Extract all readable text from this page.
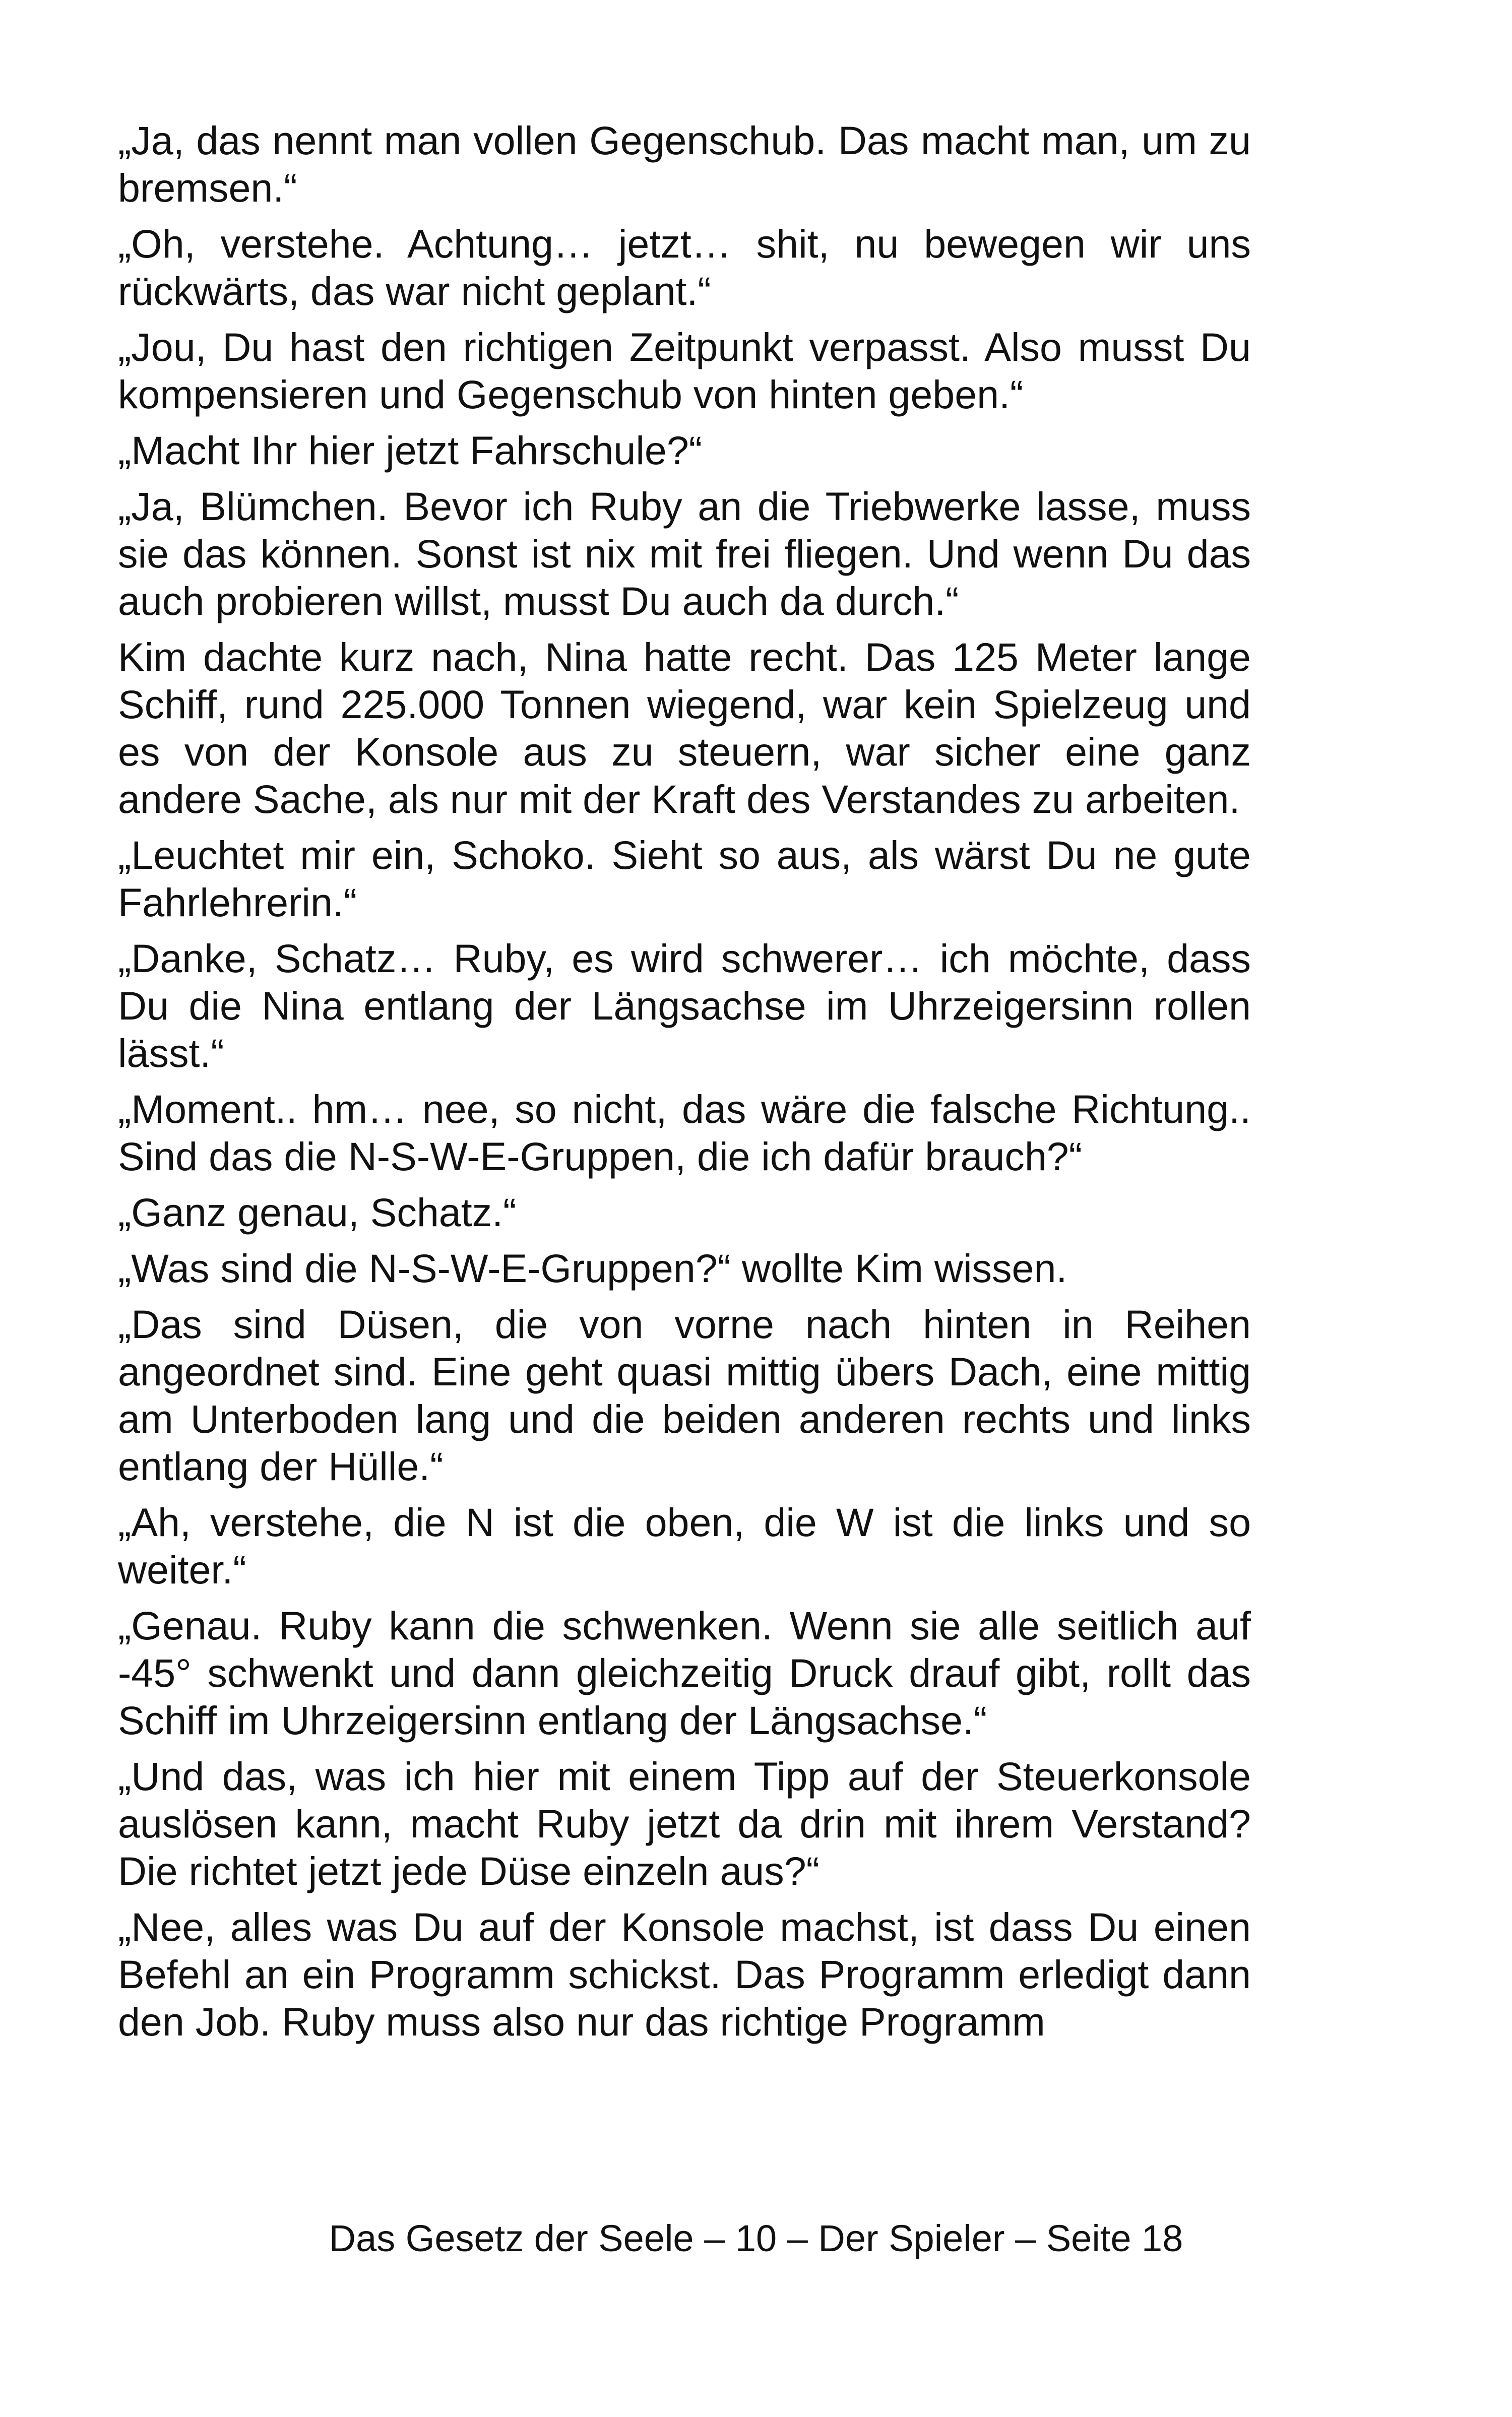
„Ja, das nennt man vollen Gegenschub. Das macht man, um zu bremsen.“

„Oh, verstehe. Achtung… jetzt… shit, nu bewegen wir uns rückwärts, das war nicht geplant.“

„Jou, Du hast den richtigen Zeitpunkt verpasst. Also musst Du kompensieren und Gegenschub von hinten geben.“

„Macht Ihr hier jetzt Fahrschule?“

„Ja, Blümchen. Bevor ich Ruby an die Triebwerke lasse, muss sie das können. Sonst ist nix mit frei fliegen. Und wenn Du das auch probieren willst, musst Du auch da durch.“

Kim dachte kurz nach, Nina hatte recht. Das 125 Meter lange Schiff, rund 225.000 Tonnen wiegend, war kein Spielzeug und es von der Konsole aus zu steuern, war sicher eine ganz andere Sache, als nur mit der Kraft des Verstandes zu arbeiten.

„Leuchtet mir ein, Schoko. Sieht so aus, als wärst Du ne gute Fahrlehrerin.“

„Danke, Schatz… Ruby, es wird schwerer… ich möchte, dass Du die Nina entlang der Längsachse im Uhrzeigersinn rollen lässt.“

„Moment.. hm… nee, so nicht, das wäre die falsche Richtung.. Sind das die N-S-W-E-Gruppen, die ich dafür brauch?“

„Ganz genau, Schatz.“

„Was sind die N-S-W-E-Gruppen?“ wollte Kim wissen.

„Das sind Düsen, die von vorne nach hinten in Reihen angeordnet sind. Eine geht quasi mittig übers Dach, eine mittig am Unterboden lang und die beiden anderen rechts und links entlang der Hülle.“

„Ah, verstehe, die N ist die oben, die W ist die links und so weiter.“

„Genau. Ruby kann die schwenken. Wenn sie alle seitlich auf -45° schwenkt und dann gleichzeitig Druck drauf gibt, rollt das Schiff im Uhrzeigersinn entlang der Längsachse.“

„Und das, was ich hier mit einem Tipp auf der Steuerkonsole auslösen kann, macht Ruby jetzt da drin mit ihrem Verstand? Die richtet jetzt jede Düse einzeln aus?“

„Nee, alles was Du auf der Konsole machst, ist dass Du einen Befehl an ein Programm schickst. Das Programm erledigt dann den Job. Ruby muss also nur das richtige Programm

Das Gesetz der Seele – 10 – Der Spieler – Seite 18
